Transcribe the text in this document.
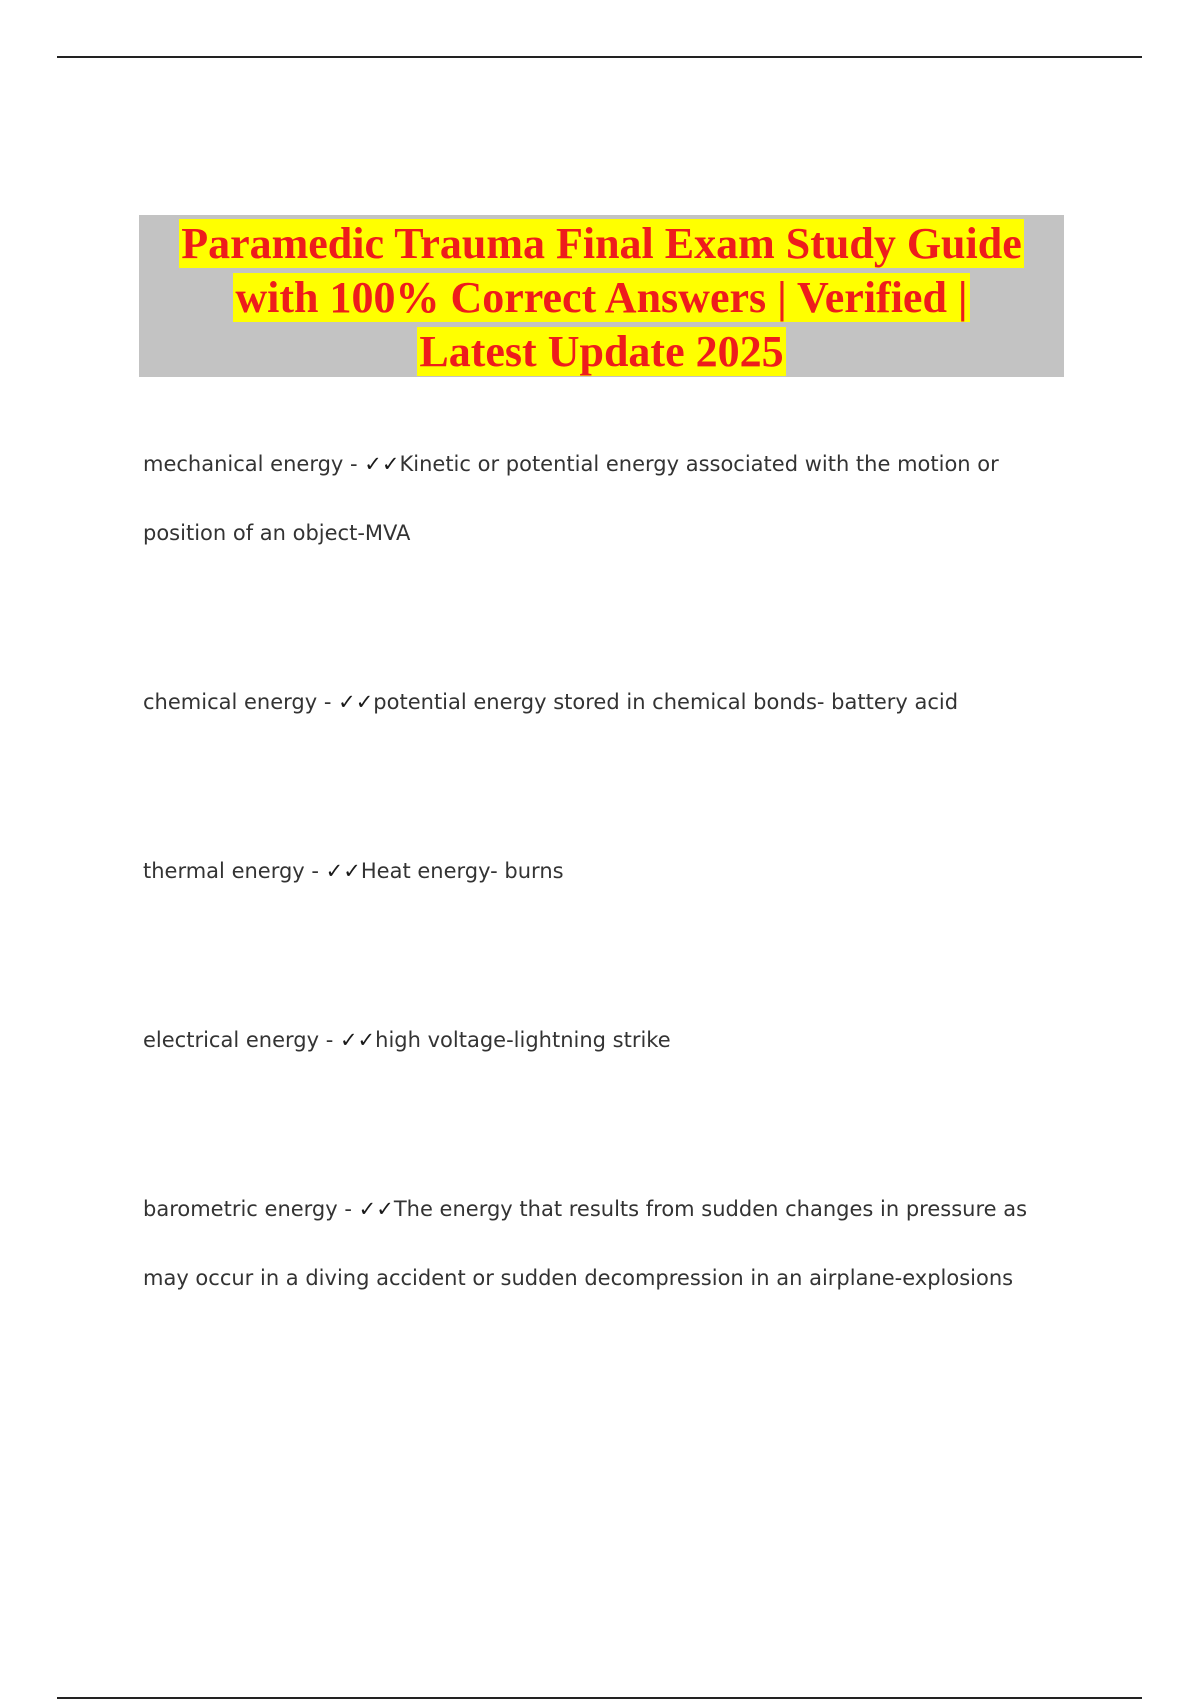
Paramedic Trauma Final Exam Study Guide
with 100% Correct Answers | Verified |
Latest Update 2025
mechanical energy - ✓✓Kinetic or potential energy associated with the motion or position of an object-MVA
chemical energy - ✓✓potential energy stored in chemical bonds- battery acid
thermal energy - ✓✓Heat energy- burns
electrical energy - ✓✓high voltage-lightning strike
barometric energy - ✓✓The energy that results from sudden changes in pressure as may occur in a diving accident or sudden decompression in an airplane-explosions
